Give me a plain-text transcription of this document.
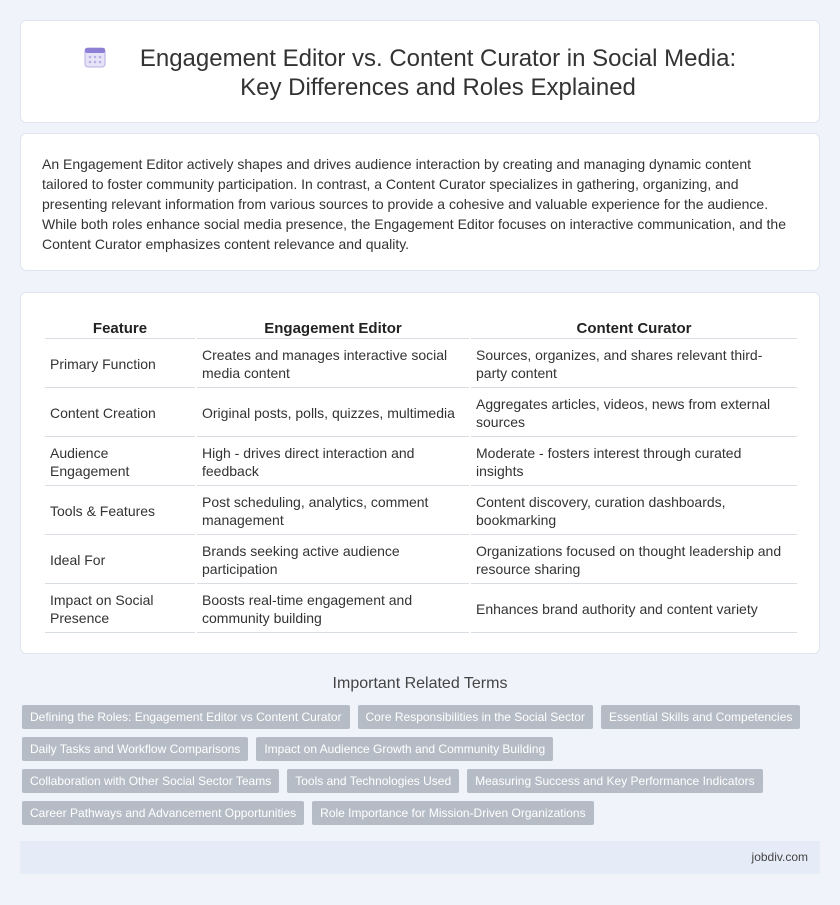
Engagement Editor vs. Content Curator in Social Media: Key Differences and Roles Explained

An Engagement Editor actively shapes and drives audience interaction by creating and managing dynamic content tailored to foster community participation. In contrast, a Content Curator specializes in gathering, organizing, and presenting relevant information from various sources to provide a cohesive and valuable experience for the audience. While both roles enhance social media presence, the Engagement Editor focuses on interactive communication, and the Content Curator emphasizes content relevance and quality.

Feature	Engagement Editor	Content Curator
Primary Function	Creates and manages interactive social media content	Sources, organizes, and shares relevant third-party content
Content Creation	Original posts, polls, quizzes, multimedia	Aggregates articles, videos, news from external sources
Audience Engagement	High - drives direct interaction and feedback	Moderate - fosters interest through curated insights
Tools & Features	Post scheduling, analytics, comment management	Content discovery, curation dashboards, bookmarking
Ideal For	Brands seeking active audience participation	Organizations focused on thought leadership and resource sharing
Impact on Social Presence	Boosts real-time engagement and community building	Enhances brand authority and content variety
Important Related Terms
Defining the Roles: Engagement Editor vs Content Curator	Core Responsibilities in the Social Sector	Essential Skills and Competencies
Daily Tasks and Workflow Comparisons	Impact on Audience Growth and Community Building
Collaboration with Other Social Sector Teams	Tools and Technologies Used	Measuring Success and Key Performance Indicators
Career Pathways and Advancement Opportunities	Role Importance for Mission-Driven Organizations
jobdiv.com
